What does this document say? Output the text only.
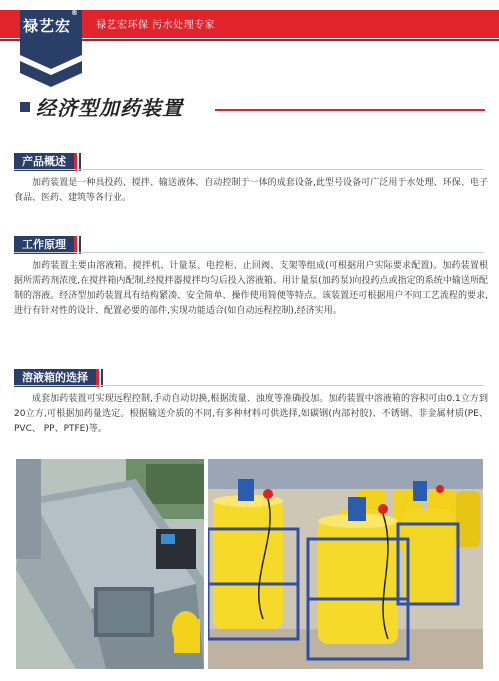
禄艺宏环保 污水处理专家
禄艺宏®
经济型加药装置
产品概述
加药装置是一种具投药、搅拌、输送液体、自动控制于一体的成套设备,此型号设备可广泛用于水处理、环保、电子食品、医药、建筑等各行业。
工作原理
加药装置主要由溶液箱、搅拌机、计量泵、电控柜、止回阀、支架等组成(可根据用户实际要求配置)。加药装置根据所需药剂浓度,在搅拌箱内配制,经搅拌器搅拌均匀后投入溶液箱、用计量泵(加药泵)向投药点或指定的系统中输送所配制的溶液。经济型加药装置具有结构紧凑、安全简单、操作使用简便等特点。该装置还可根据用户不同工艺流程的要求,进行有针对性的设计、配置必要的部件,实现功能适合(如自动远程控制),经济实用。
溶液箱的选择
成套加药装置可实现远程控制,手动自动切换,根据流量、浊度等准确投加。加药装置中溶液箱的容积可由0.1立方到20立方,可根据加药量选定。根据输送介质的不同,有多种材料可供选择,如碳钢(内部衬胶)、不锈钢、非金属材质(PE、PVC、 PP、PTFE)等。
